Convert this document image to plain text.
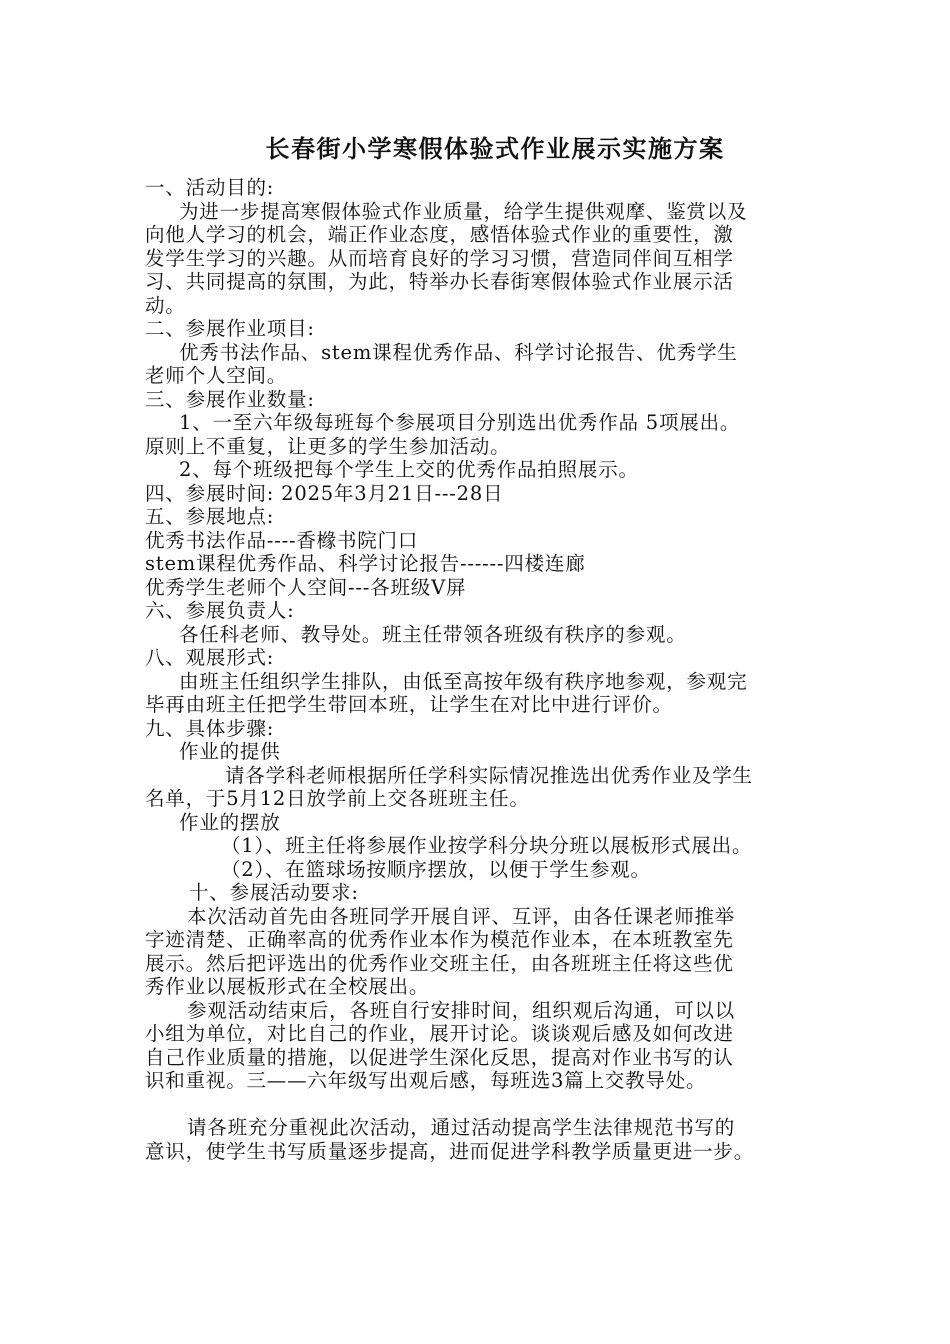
长春街小学寒假体验式作业展示实施方案
一、活动目的:

为进一步提高寒假体验式作业质量，给学生提供观摩、鉴赏以及
向他人学习的机会，端正作业态度，感悟体验式作业的重要性，激
发学生学习的兴趣。从而培育良好的学习习惯，营造同伴间互相学
习、共同提高的氛围，为此，特举办长春街寒假体验式作业展示活
动。

二、参展作业项目:

优秀书法作品、stem课程优秀作品、科学讨论报告、优秀学生
老师个人空间。

三、参展作业数量:

1、一至六年级每班每个参展项目分别选出优秀作品 5项展出。
原则上不重复，让更多的学生参加活动。

2、每个班级把每个学生上交的优秀作品拍照展示。
四、参展时间: 2025年3月21日---28日
五、参展地点:
优秀书法作品----香橼书院门口
stem课程优秀作品、科学讨论报告------四楼连廊
优秀学生老师个人空间---各班级Ⅴ屏
六、参展负责人:
各任科老师、教导处。班主任带领各班级有秩序的参观。
八、观展形式:

由班主任组织学生排队，由低至高按年级有秩序地参观，参观完
毕再由班主任把学生带回本班，让学生在对比中进行评价。

九、具体步骤:
作业的提供

请各学科老师根据所任学科实际情况推选出优秀作业及学生
名单，于5月12日放学前上交各班班主任。

作业的摆放
（1）、班主任将参展作业按学科分块分班以展板形式展出。
（2）、在篮球场按顺序摆放，以便于学生参观。
十、参展活动要求:

本次活动首先由各班同学开展自评、互评，由各任课老师推举
字迹清楚、正确率高的优秀作业本作为模范作业本，在本班教室先
展示。然后把评选出的优秀作业交班主任，由各班班主任将这些优
秀作业以展板形式在全校展出。

参观活动结束后，各班自行安排时间，组织观后沟通，可以以
小组为单位，对比自己的作业，展开讨论。谈谈观后感及如何改进
自己作业质量的措施，以促进学生深化反思，提高对作业书写的认
识和重视。三——六年级写出观后感，每班选3篇上交教导处。

请各班充分重视此次活动，通过活动提高学生法律规范书写的
意识，使学生书写质量逐步提高，进而促进学科教学质量更进一步。
